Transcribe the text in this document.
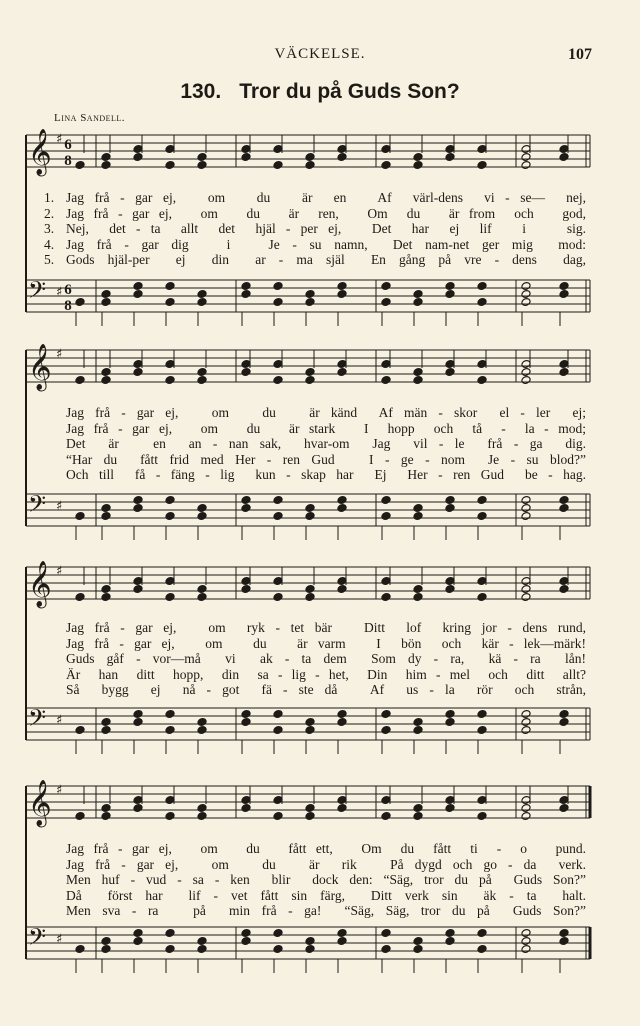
VÄCKELSE.	107
130. Tror du på Guds Son?
Lina Sandell.
𝄞 ♯
𝄢 ♯
6
8
6
8
1. Jag frå - gar ej,   om   du   är  en   Af  värl-dens  vi - se—  nej,
2. Jag frå - gar ej,   om   du   är  ren,   Om  du   är from  och   god,
3. Nej,  det - ta  allt  det  hjäl - per ej,   Det  har  ej  lif   i    sig.
4. Jag frå - gar dig   i   Je - su namn,  Det nam-net ger mig  mod:
5. Gods hjäl-per  ej  din  ar - ma själ  En gång på vre - dens  dag,
𝄞 ♯
𝄢 ♯
Jag frå - gar ej,   om   du   är känd  Af män - skor  el - ler  ej;
Jag frå - gar ej,   om   du   är stark   I  hopp  och  tå  -  la - mod;
Det  är   en  an - nan sak,  hvar-om  Jag  vil - le  frå - ga  dig.
“Har du  fått frid med Her - ren Gud   I - ge - nom  Je - su blod?”
Och till  få - fäng - lig  kun - skap har  Ej  Her - ren Gud  be - hag.
𝄞 ♯
𝄢 ♯
Jag frå - gar ej,   om  ryk - tet bär   Ditt  lof  kring jor - dens rund,
Jag frå - gar ej,   om   du   är varm   I  bön  och  kär - lek—märk!
Guds gåf - vor—må  vi  ak - ta dem  Som dy - ra,  kä - ra  lån!
Är  han  ditt  hopp,  din  sa - lig - het,  Din  him - mel  och  ditt  allt?
Så  bygg  ej  nå - got  fä - ste då   Af  us - la  rör  och  strån,
𝄞 ♯
𝄢 ♯
Jag frå - gar ej,   om   du   fått ett,   Om  du  fått  ti  -  o   pund.
Jag frå - gar ej,   om   du   är  rik   På dygd och go - da  verk.
Men huf - vud - sa - ken  blir  dock den: “Säg, tror du på  Guds Son?”
Då  först har  lif - vet fått sin färg,  Ditt verk sin  äk - ta  halt.
Men sva - ra   på  min frå - ga!  “Säg, Säg, tror du på  Guds Son?”
